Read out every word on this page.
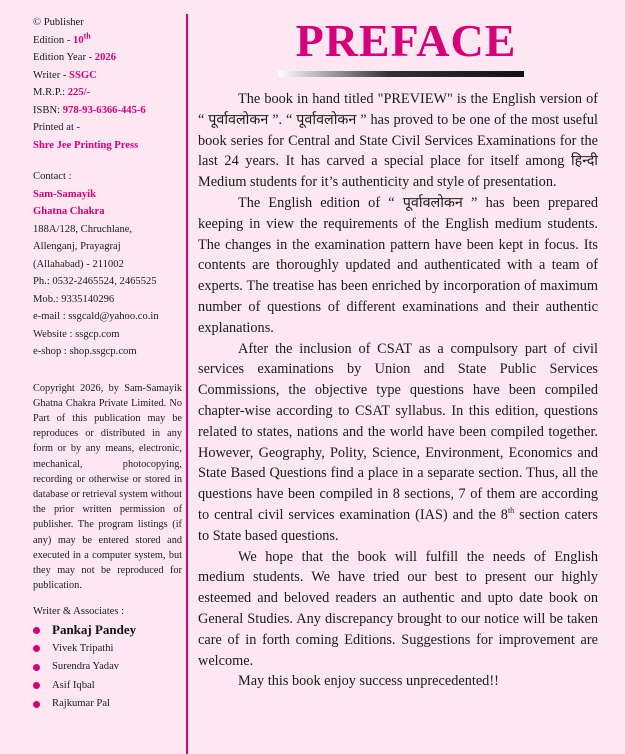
© Publisher
Edition - 10th
Edition Year - 2026
Writer - SSGC
M.R.P.: 225/-
ISBN: 978-93-6366-445-6
Printed at -
Shre Jee Printing Press
Contact :
Sam-Samayik
Ghatna Chakra
188A/128, Chruchlane,
Allenganj, Prayagraj
(Allahabad) - 211002
Ph.: 0532-2465524, 2465525
Mob.: 9335140296
e-mail : ssgcald@yahoo.co.in
Website : ssgcp.com
e-shop : shop.ssgcp.com
Copyright 2026, by Sam-Samayik Ghatna Chakra Private Limited. No Part of this publication may be reproduces or distributed in any form or by any means, electronic, mechanical, photocopying, recording or otherwise or stored in database or retrieval system without the prior written permission of publisher. The program listings (if any) may be entered stored and executed in a computer system, but they may not be reproduced for publication.
Writer & Associates :
Pankaj Pandey
Vivek Tripathi
Surendra Yadav
Asif Iqbal
Rajkumar Pal
PREFACE

The book in hand titled "PREVIEW" is the English version of “ पूर्वावलोकन ”. “ पूर्वावलोकन ” has proved to be one of the most useful book series for Central and State Civil Services Examinations for the last 24 years. It has carved a special place for itself among हिन्दी Medium students for it’s authenticity and style of presentation.

The English edition of “ पूर्वावलोकन ” has been prepared keeping in view the requirements of the English medium students. The changes in the examination pattern have been kept in focus. Its contents are thoroughly updated and authenticated with a team of experts. The treatise has been enriched by incorporation of maximum number of questions of different examinations and their authentic explanations.

After the inclusion of CSAT as a compulsory part of civil services examinations by Union and State Public Services Commissions, the objective type questions have been compiled chapter-wise according to CSAT syllabus. In this edition, questions related to states, nations and the world have been compiled together. However, Geography, Polity, Science, Environment, Economics and State Based Questions find a place in a separate section. Thus, all the questions have been compiled in 8 sections, 7 of them are according to central civil services examination (IAS) and the 8th section caters to State based questions.

We hope that the book will fulfill the needs of English medium students. We have tried our best to present our highly esteemed and beloved readers an authentic and upto date book on General Studies. Any discrepancy brought to our notice will be taken care of in forth coming Editions. Suggestions for improvement are welcome.

May this book enjoy success unprecedented!!
